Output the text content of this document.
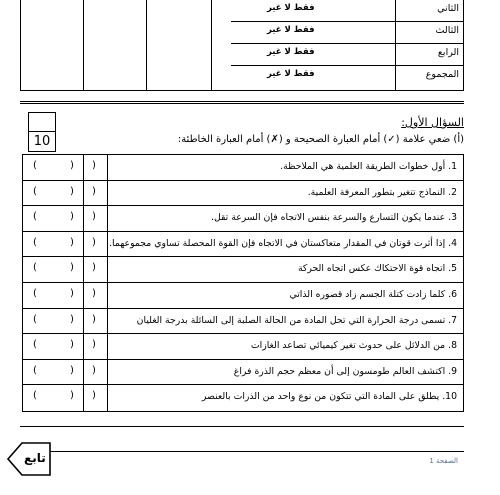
الثاني
فقط لا غير
الثالث
فقط لا غير
الرابع
فقط لا غير
المجموع
فقط لا غير
السؤال الأول:
(أ) ضعي علامة (✓) أمام العبارة الصحيحة و (✗) أمام العبارة الخاطئة:
10
(	) )	1. أول خطوات الطريقة العلمية هي الملاحظة.
(	) )	2. النماذج تتغير بتطور المعرفة العلمية.
(	) )	3. عندما يكون التسارع والسرعة بنفس الاتجاه فإن السرعة تقل.
(	) ) 4. إذا أثرت قوتان في المقدار متعاكستان في الاتجاه فإن القوة المحصلة تساوي مجموعهما.
(	) )	5. اتجاه قوة الاحتكاك عكس اتجاه الحركة
(	) )	6. كلما زادت كتلة الجسم زاد قصوره الذاتي
(	) )	7. تسمى درجة الحرارة التي تحل المادة من الحالة الصلبة إلى السائلة بدرجة الغليان
(	) )	8. من الدلائل على حدوث تغير كيميائي تصاعد الغازات
(	) )	9. اكتشف العالم طومسون إلى أن معظم حجم الذرة فراغ
(	) )	10. يطلق على المادة التي تتكون من نوع واحد من الذرات بالعنصر
تابع	الصفحة 1
